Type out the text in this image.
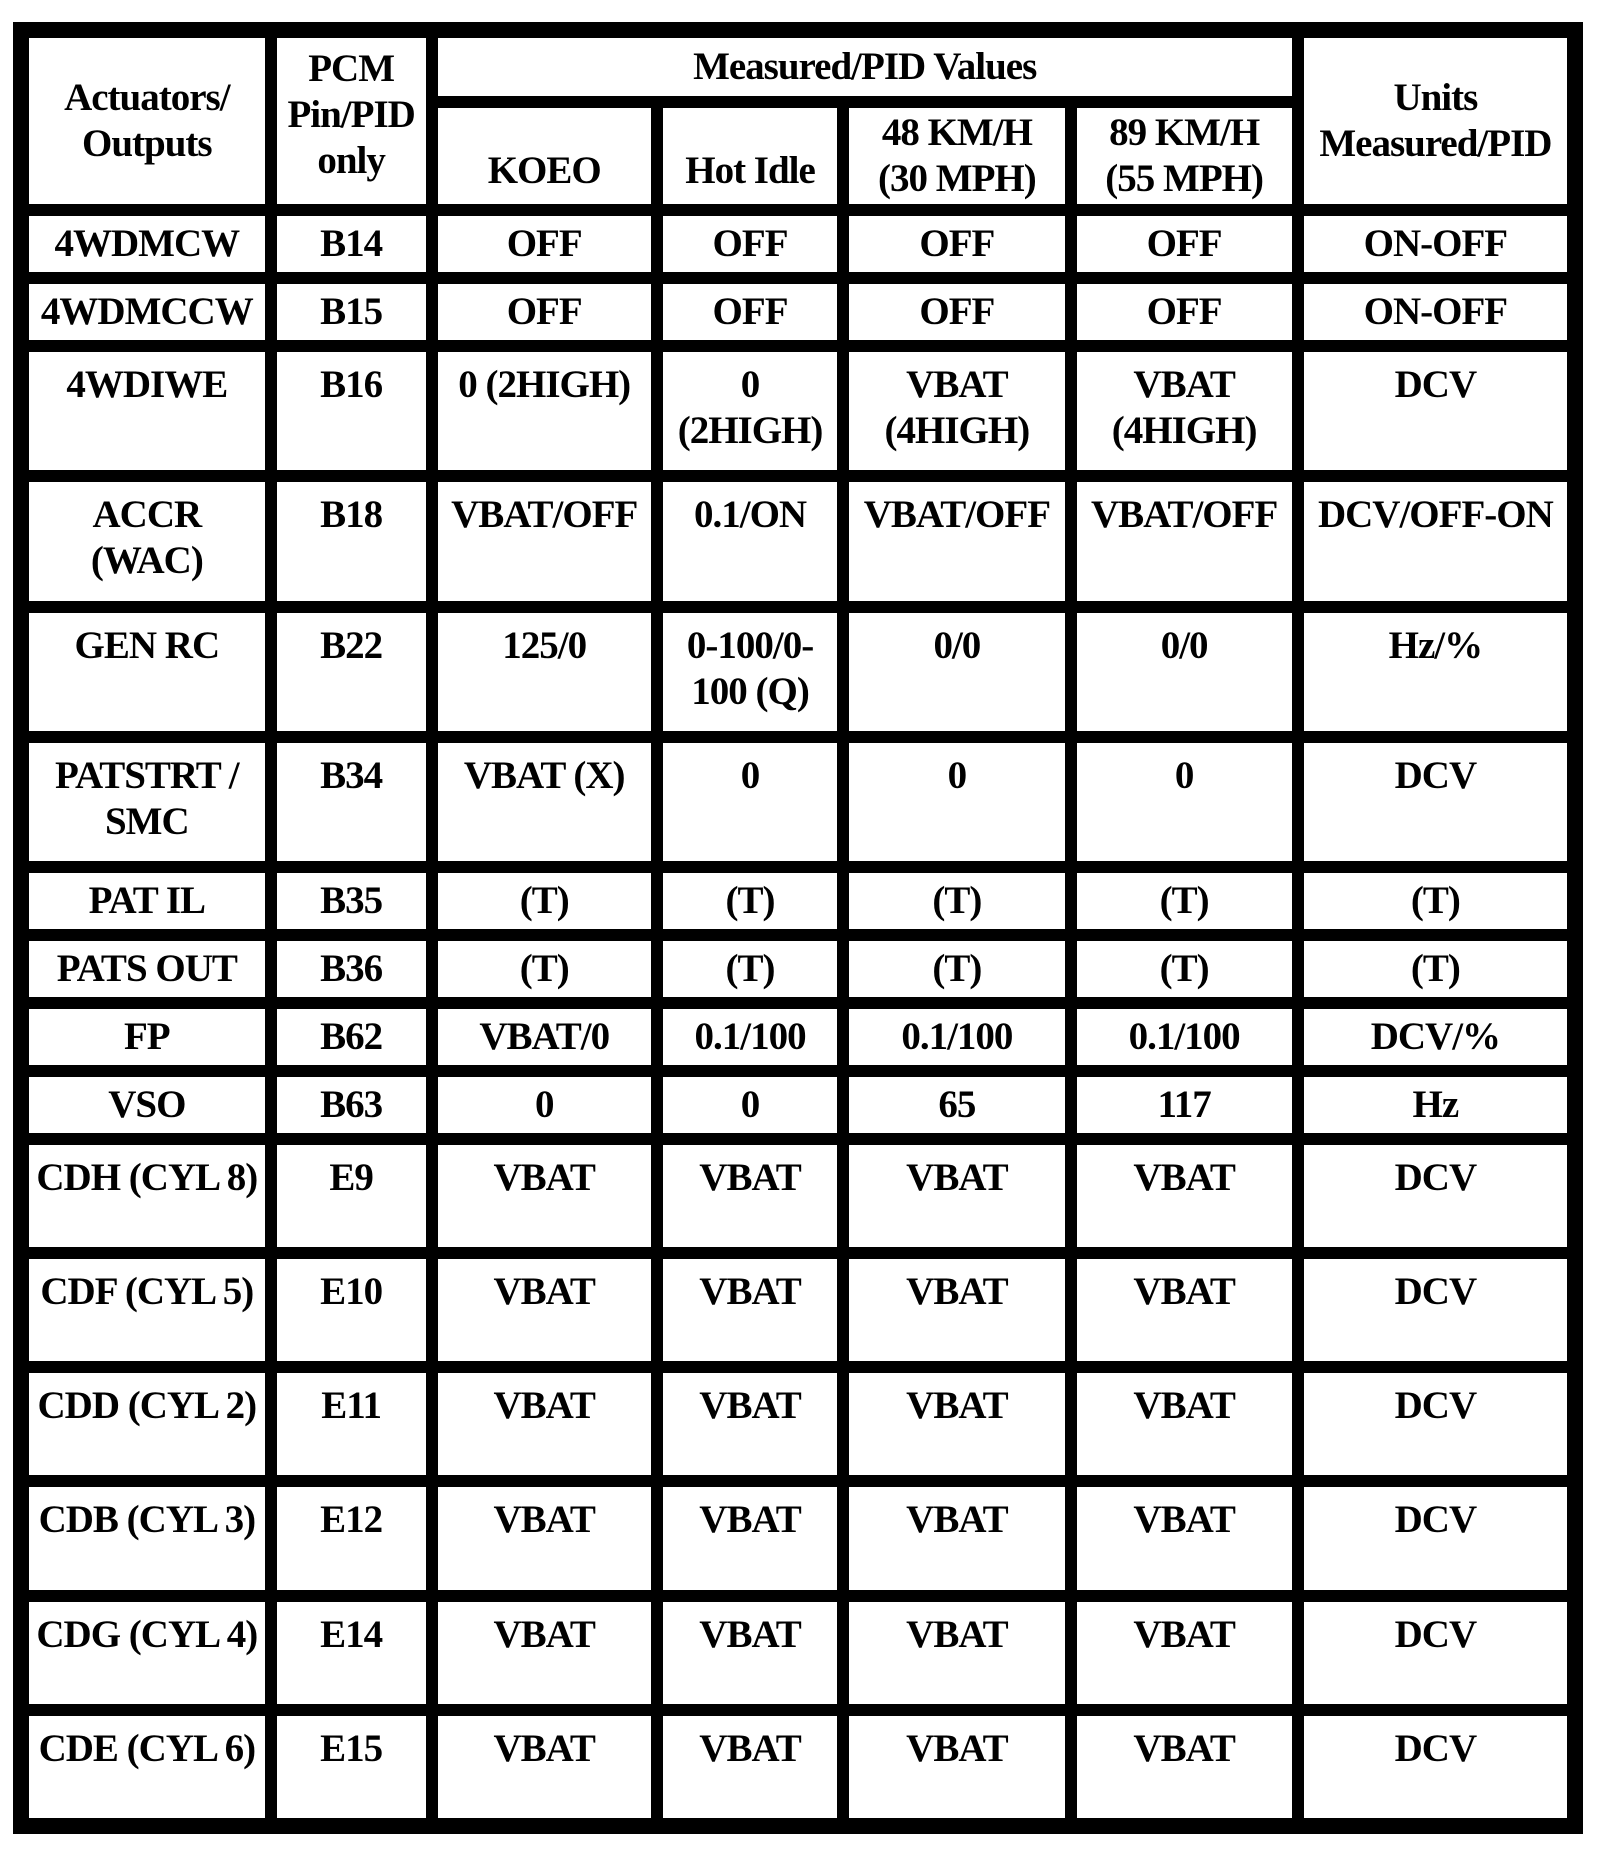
Actuators/ Outputs	PCM Pin/PID only	Measured/PID Values				Units Measured/PID
		KOEO	Hot Idle	48 KM/H (30 MPH)	89 KM/H (55 MPH)	
4WDMCW	B14	OFF	OFF	OFF	OFF	ON-OFF
4WDMCCW	B15	OFF	OFF	OFF	OFF	ON-OFF
4WDIWE	B16	0 (2HIGH)	0 (2HIGH)	VBAT (4HIGH)	VBAT (4HIGH)	DCV
ACCR (WAC)	B18	VBAT/OFF	0.1/ON	VBAT/OFF	VBAT/OFF	DCV/OFF-ON
GEN RC	B22	125/0	0-100/0-100 (Q)	0/0	0/0	Hz/%
PATSTRT / SMC	B34	VBAT (X)	0	0	0	DCV
PAT IL	B35	(T)	(T)	(T)	(T)	(T)
PATS OUT	B36	(T)	(T)	(T)	(T)	(T)
FP	B62	VBAT/0	0.1/100	0.1/100	0.1/100	DCV/%
VSO	B63	0	0	65	117	Hz
CDH (CYL 8)	E9	VBAT	VBAT	VBAT	VBAT	DCV
CDF (CYL 5)	E10	VBAT	VBAT	VBAT	VBAT	DCV
CDD (CYL 2)	E11	VBAT	VBAT	VBAT	VBAT	DCV
CDB (CYL 3)	E12	VBAT	VBAT	VBAT	VBAT	DCV
CDG (CYL 4)	E14	VBAT	VBAT	VBAT	VBAT	DCV
CDE (CYL 6)	E15	VBAT	VBAT	VBAT	VBAT	DCV
